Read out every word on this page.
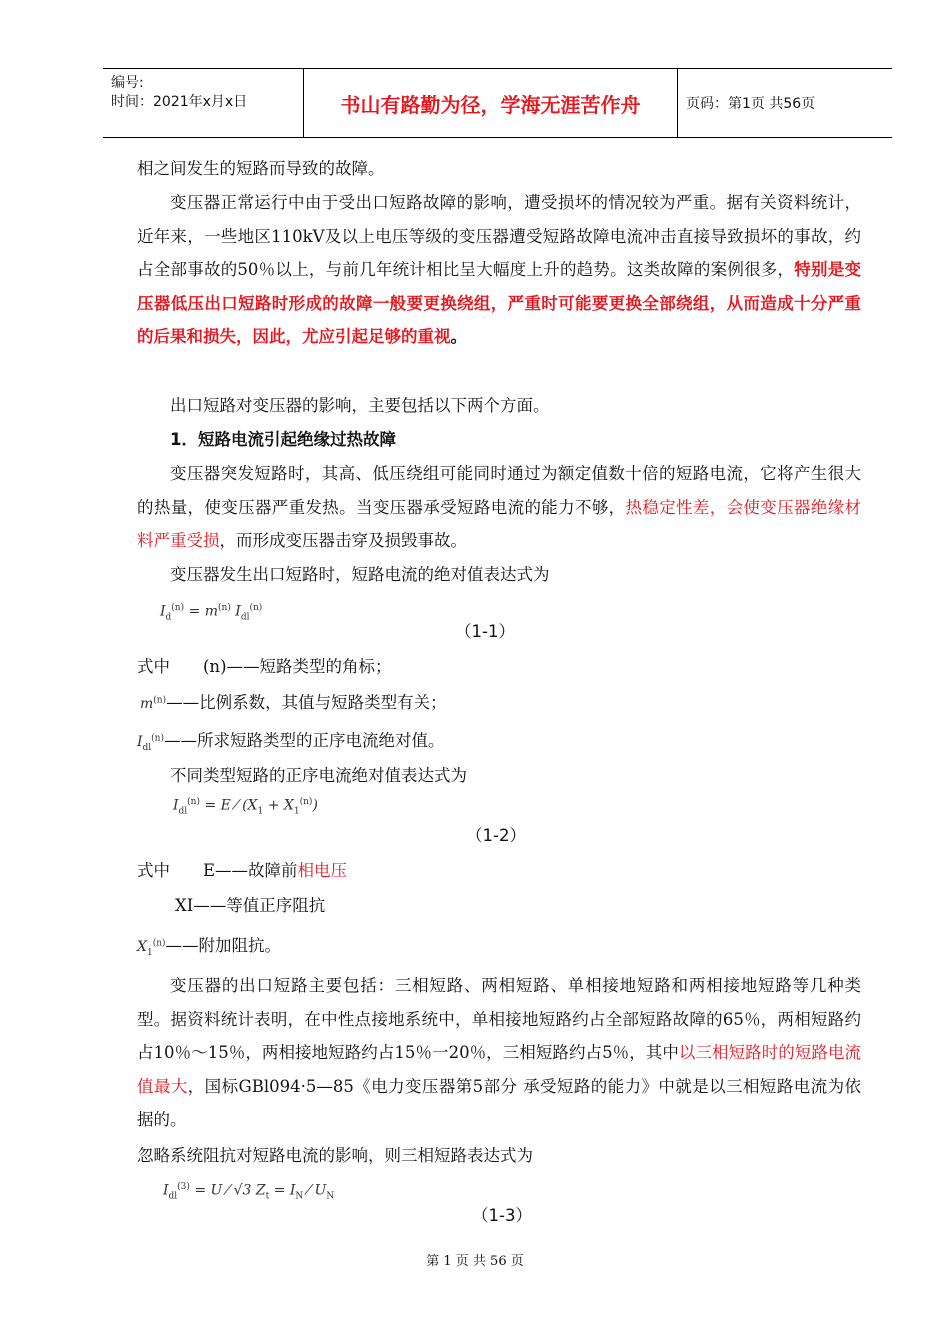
编号:
时间：2021年x月x日	书山有路勤为径，学海无涯苦作舟	页码：第1页 共56页
相之间发生的短路而导致的故障。
变压器正常运行中由于受出口短路故障的影响，遭受损坏的情况较为严重。据有关资料统计，近年来，一些地区110kV及以上电压等级的变压器遭受短路故障电流冲击直接导致损坏的事故，约占全部事故的50％以上，与前几年统计相比呈大幅度上升的趋势。这类故障的案例很多，特别是变压器低压出口短路时形成的故障一般要更换绕组，严重时可能要更换全部绕组，从而造成十分严重的后果和损失，因此，尤应引起足够的重视。
出口短路对变压器的影响，主要包括以下两个方面。
1．短路电流引起绝缘过热故障
变压器突发短路时，其高、低压绕组可能同时通过为额定值数十倍的短路电流，它将产生很大的热量，使变压器严重发热。当变压器承受短路电流的能力不够，热稳定性差，会使变压器绝缘材料严重受损，而形成变压器击穿及损毁事故。
变压器发生出口短路时，短路电流的绝对值表达式为
$I_d^{(n)} = m^{(n)}$ $I_{dl}^{(n)}$
（1-1）
式中　　(n)——短路类型的角标；
$m^{(n)}——$比例系数，其值与短路类型有关；
$I_{dl}^{(n)}——$所求短路类型的正序电流绝对值。
不同类型短路的正序电流绝对值表达式为
$I_{dl}^{(n)} = E$ ⁄ $(X_1 + X_1^{(n)})$
（1-2）
式中　　E——故障前相电压
XI——等值正序阻抗
$X_1^{(n)}——$附加阻抗。
变压器的出口短路主要包括：三相短路、两相短路、单相接地短路和两相接地短路等几种类型。据资料统计表明，在中性点接地系统中，单相接地短路约占全部短路故障的65％，两相短路约占10％～15％，两相接地短路约占15％一20％，三相短路约占5％，其中以三相短路时的短路电流值最大，国标GBl094·5—85《电力变压器第5部分 承受短路的能力》中就是以三相短路电流为依据的。
忽略系统阻抗对短路电流的影响，则三相短路表达式为
$I_{dl}^{(3)} = U$ ⁄ √3 $Z_t = I_N$ ⁄ $U_N$
（1-3）
第 1 页 共 56 页
